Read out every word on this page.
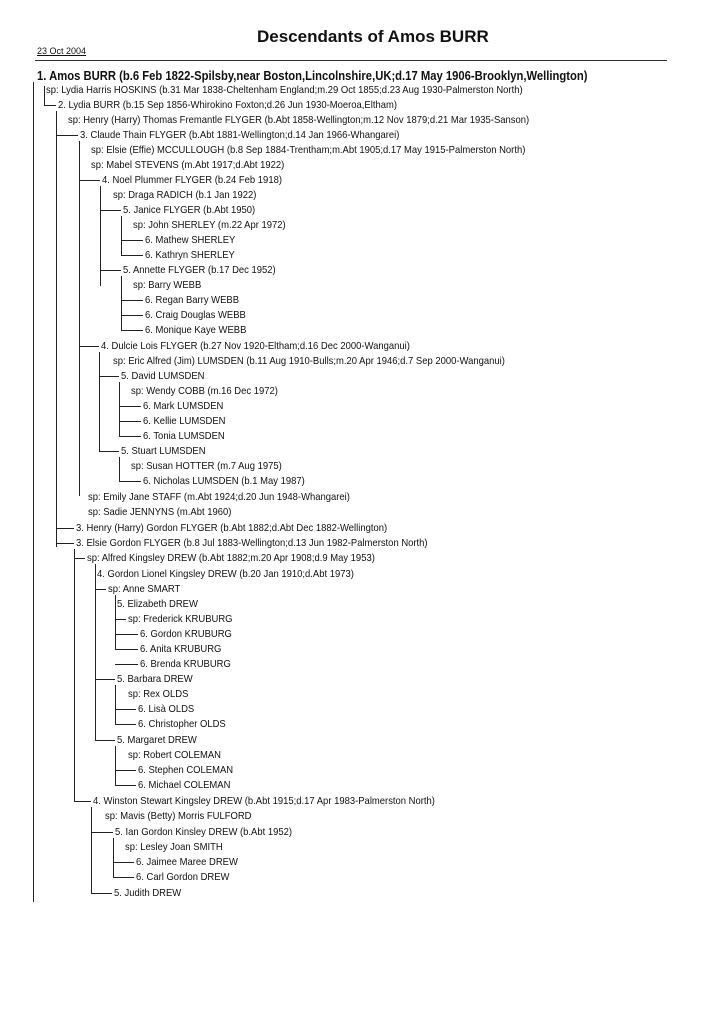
Descendants of Amos BURR
23 Oct 2004
1. Amos BURR (b.6 Feb 1822-Spilsby,near Boston,Lincolnshire,UK;d.17 May 1906-Brooklyn,Wellington)
sp: Lydia Harris HOSKINS (b.31 Mar 1838-Cheltenham England;m.29 Oct 1855;d.23 Aug 1930-Palmerston North)
2. Lydia BURR (b.15 Sep 1856-Whirokino Foxton;d.26 Jun 1930-Moeroa,Eltham)
sp: Henry (Harry) Thomas Fremantle FLYGER (b.Abt 1858-Wellington;m.12 Nov 1879;d.21 Mar 1935-Sanson)
3. Claude Thain FLYGER (b.Abt 1881-Wellington;d.14 Jan 1966-Whangarei)
sp: Elsie (Effie) MCCULLOUGH (b.8 Sep 1884-Trentham;m.Abt 1905;d.17 May 1915-Palmerston North)
sp: Mabel STEVENS (m.Abt 1917;d.Abt 1922)
4. Noel Plummer FLYGER (b.24 Feb 1918)
sp: Draga RADICH (b.1 Jan 1922)
5. Janice FLYGER (b.Abt 1950)
sp: John SHERLEY (m.22 Apr 1972)
6. Mathew SHERLEY
6. Kathryn SHERLEY
5. Annette FLYGER (b.17 Dec 1952)
sp: Barry WEBB
6. Regan Barry WEBB
6. Craig Douglas WEBB
6. Monique Kaye WEBB
4. Dulcie Lois FLYGER (b.27 Nov 1920-Eltham;d.16 Dec 2000-Wanganui)
sp: Eric Alfred (Jim) LUMSDEN (b.11 Aug 1910-Bulls;m.20 Apr 1946;d.7 Sep 2000-Wanganui)
5. David LUMSDEN
sp: Wendy COBB (m.16 Dec 1972)
6. Mark LUMSDEN
6. Kellie LUMSDEN
6. Tonia LUMSDEN
5. Stuart LUMSDEN
sp: Susan HOTTER (m.7 Aug 1975)
6. Nicholas LUMSDEN (b.1 May 1987)
sp: Emily Jane STAFF (m.Abt 1924;d.20 Jun 1948-Whangarei)
sp: Sadie JENNYNS (m.Abt 1960)
3. Henry (Harry) Gordon FLYGER (b.Abt 1882;d.Abt Dec 1882-Wellington)
3. Elsie Gordon FLYGER (b.8 Jul 1883-Wellington;d.13 Jun 1982-Palmerston North)
sp: Alfred Kingsley DREW (b.Abt 1882;m.20 Apr 1908;d.9 May 1953)
4. Gordon Lionel Kingsley DREW (b.20 Jan 1910;d.Abt 1973)
sp: Anne SMART
5. Elizabeth DREW
sp: Frederick KRUBURG
6. Gordon KRUBURG
6. Anita KRUBURG
6. Brenda KRUBURG
5. Barbara DREW
sp: Rex OLDS
6. Lisà OLDS
6. Christopher OLDS
5. Margaret DREW
sp: Robert COLEMAN
6. Stephen COLEMAN
6. Michael COLEMAN
4. Winston Stewart Kingsley DREW (b.Abt 1915;d.17 Apr 1983-Palmerston North)
sp: Mavis (Betty) Morris FULFORD
5. Ian Gordon Kinsley DREW (b.Abt 1952)
sp: Lesley Joan SMITH
6. Jaimee Maree DREW
6. Carl Gordon DREW
5. Judith DREW
